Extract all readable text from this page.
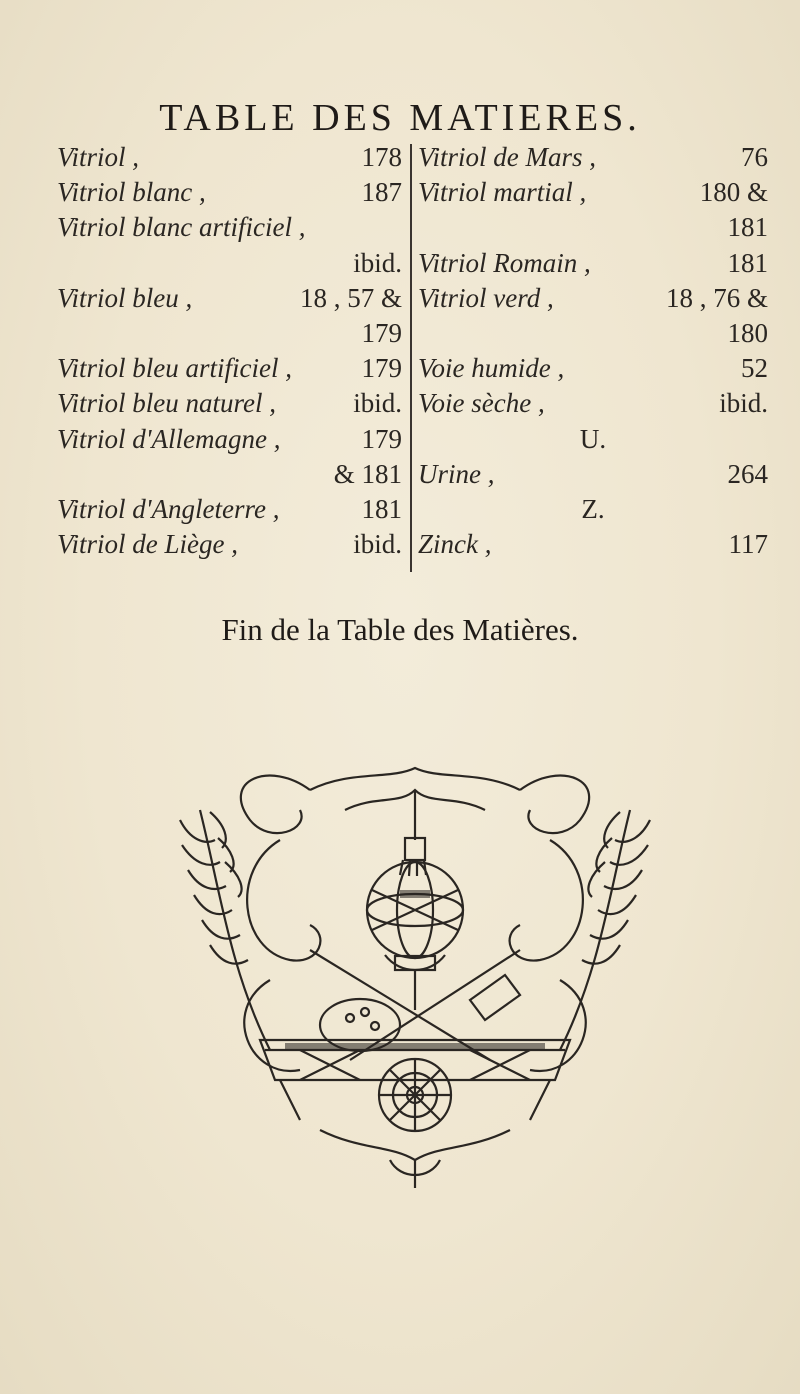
TABLE DES MATIERES.
Vitriol ,	178
Vitriol blanc ,	187
Vitriol blanc artificiel ,
ibid.
Vitriol bleu ,	18 , 57 &
179
Vitriol bleu artificiel ,	179
Vitriol bleu naturel ,	ibid.
Vitriol d'Allemagne ,	179
& 181
Vitriol d'Angleterre ,	181
Vitriol de Liège ,	ibid.
Vitriol de Mars ,	76
Vitriol martial ,	180 &
181
Vitriol Romain ,	181
Vitriol verd ,	18 , 76 &
180
Voie humide ,	52
Voie sèche ,	ibid.
U.
Urine ,	264
Z.
Zinck ,	117
Fin de la Table des Matières.
